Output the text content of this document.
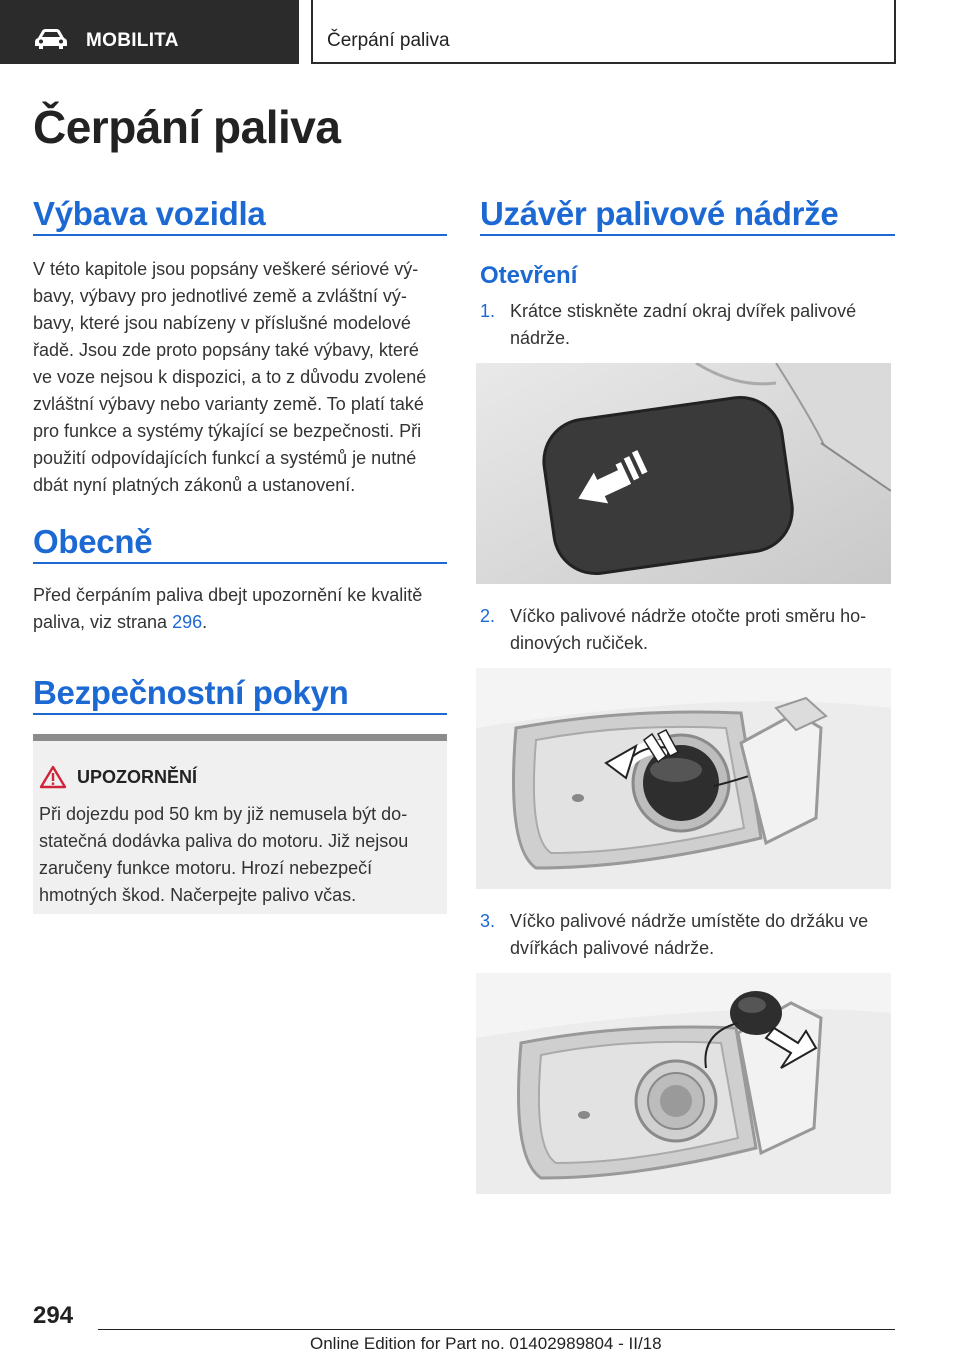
MOBILITA	Čerpání paliva
Čerpání paliva
Výbava vozidla
V této kapitole jsou popsány veškeré sériové vý-
bavy, výbavy pro jednotlivé země a zvláštní vý-
bavy, které jsou nabízeny v příslušné modelové
řadě. Jsou zde proto popsány také výbavy, které
ve voze nejsou k dispozici, a to z důvodu zvolené
zvláštní výbavy nebo varianty země. To platí také
pro funkce a systémy týkající se bezpečnosti. Při
použití odpovídajících funkcí a systémů je nutné
dbát nyní platných zákonů a ustanovení.
Obecně
Před čerpáním paliva dbejt upozornění ke kvalitě
paliva, viz strana 296.
Bezpečnostní pokyn
UPOZORNĚNÍ
Při dojezdu pod 50 km by již nemusela být do-
statečná dodávka paliva do motoru. Již nejsou
zaručeny funkce motoru. Hrozí nebezpečí
hmotných škod. Načerpejte palivo včas.
Uzávěr palivové nádrže
Otevření
1. Krátce stiskněte zadní okraj dvířek palivové
nádrže.
2. Víčko palivové nádrže otočte proti směru ho-
dinových ručiček.
3. Víčko palivové nádrže umístěte do držáku ve
dvířkách palivové nádrže.
294
Online Edition for Part no. 01402989804 - II/18
